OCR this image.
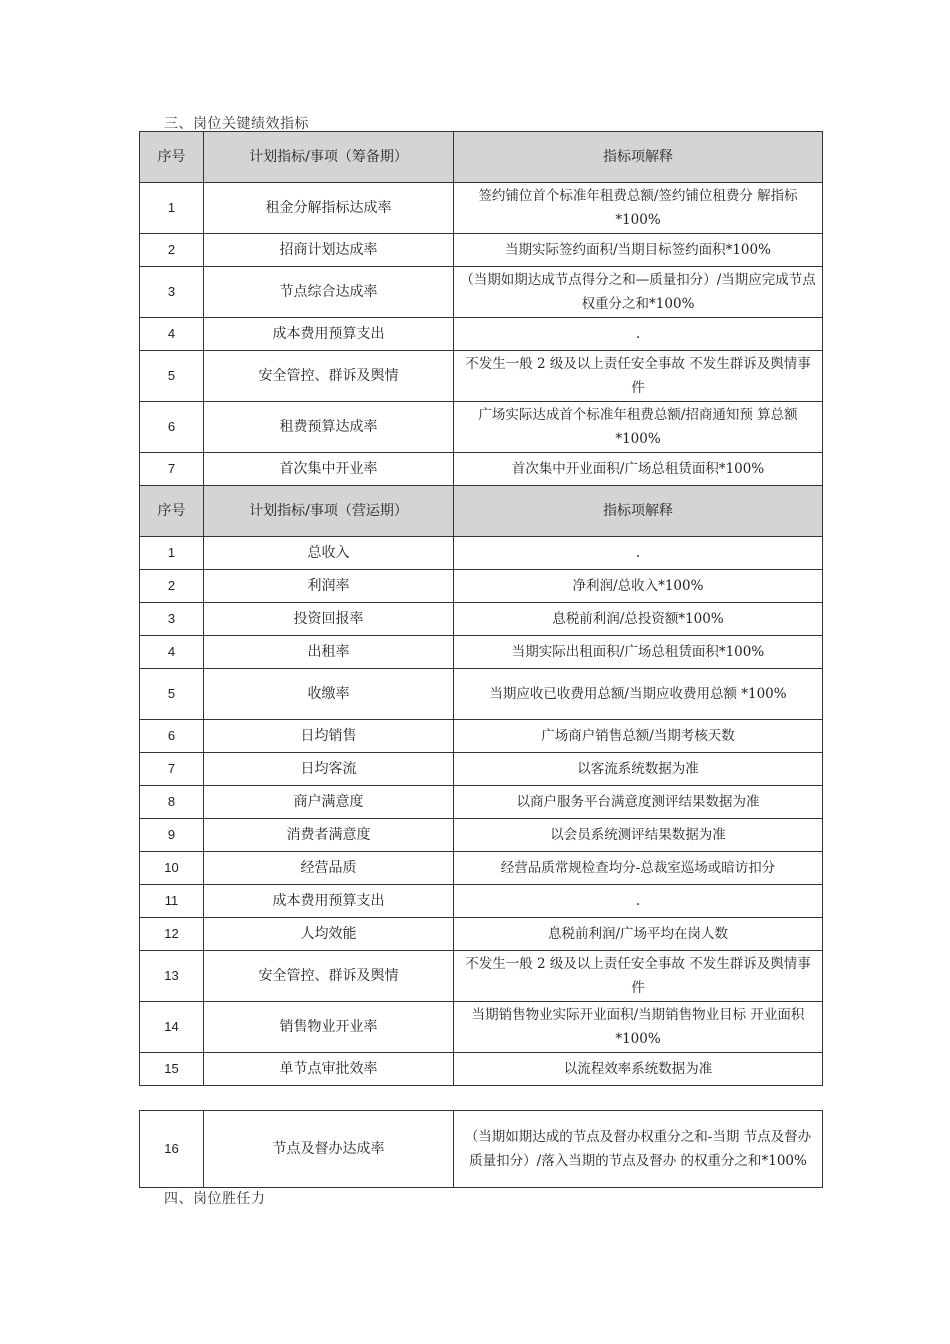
三、岗位关键绩效指标
序号	计划指标/事项（筹备期）	指标项解释
1	租金分解指标达成率	签约铺位首个标准年租费总额/签约铺位租费分 解指标*100%
2	招商计划达成率	当期实际签约面积/当期目标签约面积*100%
3	节点综合达成率	（当期如期达成节点得分之和—质量扣分）/当期应完成节点权重分之和*100%
4	成本费用预算支出	.
5	安全管控、群诉及舆情	不发生一般 2 级及以上责任安全事故 不发生群诉及舆情事件
6	租费预算达成率	广场实际达成首个标准年租费总额/招商通知预 算总额*100%
7	首次集中开业率	首次集中开业面积/广场总租赁面积*100%
序号	计划指标/事项（营运期）	指标项解释
1	总收入	.
2	利润率	净利润/总收入*100%
3	投资回报率	息税前利润/总投资额*100%
4	出租率	当期实际出租面积/广场总租赁面积*100%
5	收缴率	当期应收已收费用总额/当期应收费用总额 *100%
6	日均销售	广场商户销售总额/当期考核天数
7	日均客流	以客流系统数据为准
8	商户满意度	以商户服务平台满意度测评结果数据为准
9	消费者满意度	以会员系统测评结果数据为准
10	经营品质	经营品质常规检查均分-总裁室巡场或暗访扣分
11	成本费用预算支出	.
12	人均效能	息税前利润/广场平均在岗人数
13	安全管控、群诉及舆情	不发生一般 2 级及以上责任安全事故 不发生群诉及舆情事件
14	销售物业开业率	当期销售物业实际开业面积/当期销售物业目标 开业面积*100%
15	单节点审批效率	以流程效率系统数据为准
16	节点及督办达成率	（当期如期达成的节点及督办权重分之和-当期 节点及督办质量扣分）/落入当期的节点及督办 的权重分之和*100%
四、岗位胜任力
